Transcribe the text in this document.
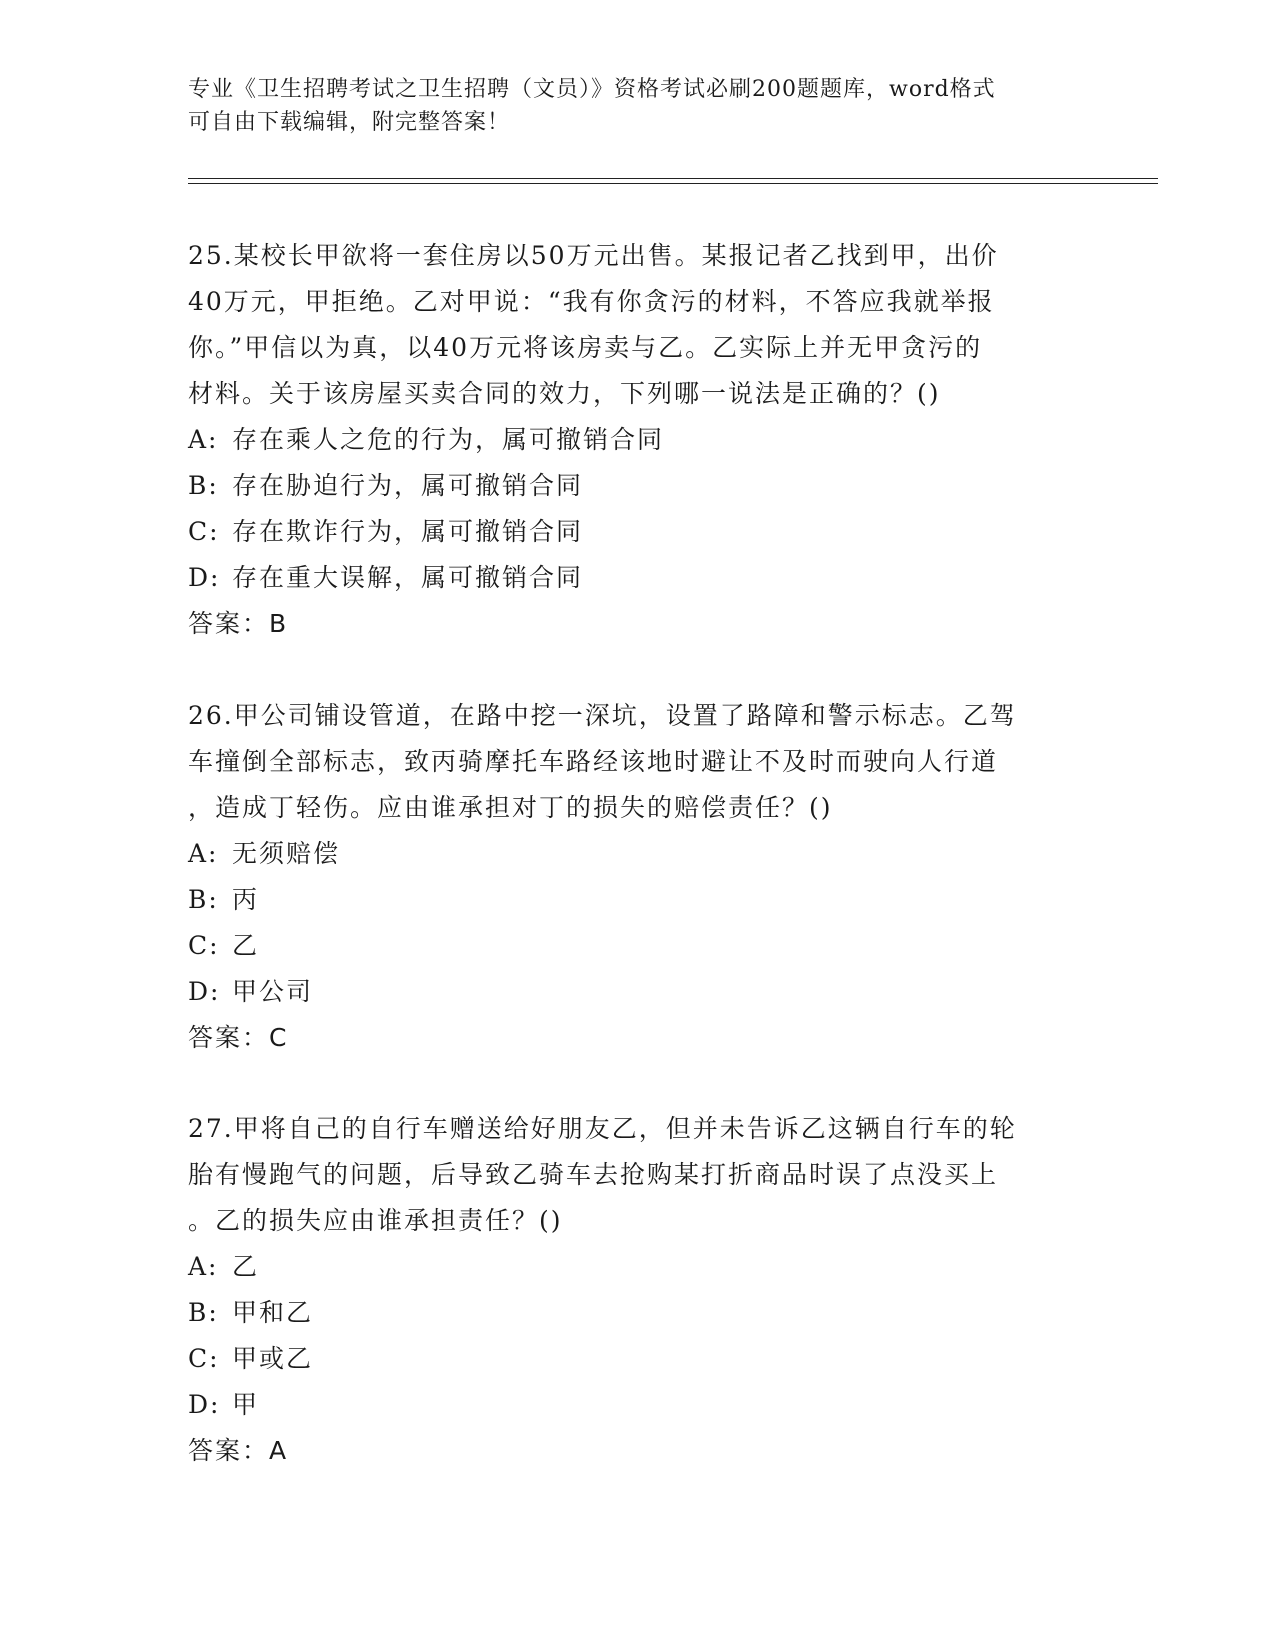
专业《卫生招聘考试之卫生招聘（文员）》资格考试必刷200题题库，word格式
可自由下载编辑，附完整答案！

25.某校长甲欲将一套住房以50万元出售。某报记者乙找到甲，出价

40万元，甲拒绝。乙对甲说：“我有你贪污的材料，不答应我就举报

你。”甲信以为真，以40万元将该房卖与乙。乙实际上并无甲贪污的

材料。关于该房屋买卖合同的效力，下列哪一说法是正确的？()

A: 存在乘人之危的行为，属可撤销合同

B: 存在胁迫行为，属可撤销合同

C: 存在欺诈行为，属可撤销合同

D: 存在重大误解，属可撤销合同

答案：B

26.甲公司铺设管道，在路中挖一深坑，设置了路障和警示标志。乙驾

车撞倒全部标志，致丙骑摩托车路经该地时避让不及时而驶向人行道

，造成丁轻伤。应由谁承担对丁的损失的赔偿责任？()

A: 无须赔偿

B: 丙

C: 乙

D: 甲公司

答案：C

27.甲将自己的自行车赠送给好朋友乙，但并未告诉乙这辆自行车的轮

胎有慢跑气的问题，后导致乙骑车去抢购某打折商品时误了点没买上

。乙的损失应由谁承担责任？()

A: 乙

B: 甲和乙

C: 甲或乙

D: 甲

答案：A
